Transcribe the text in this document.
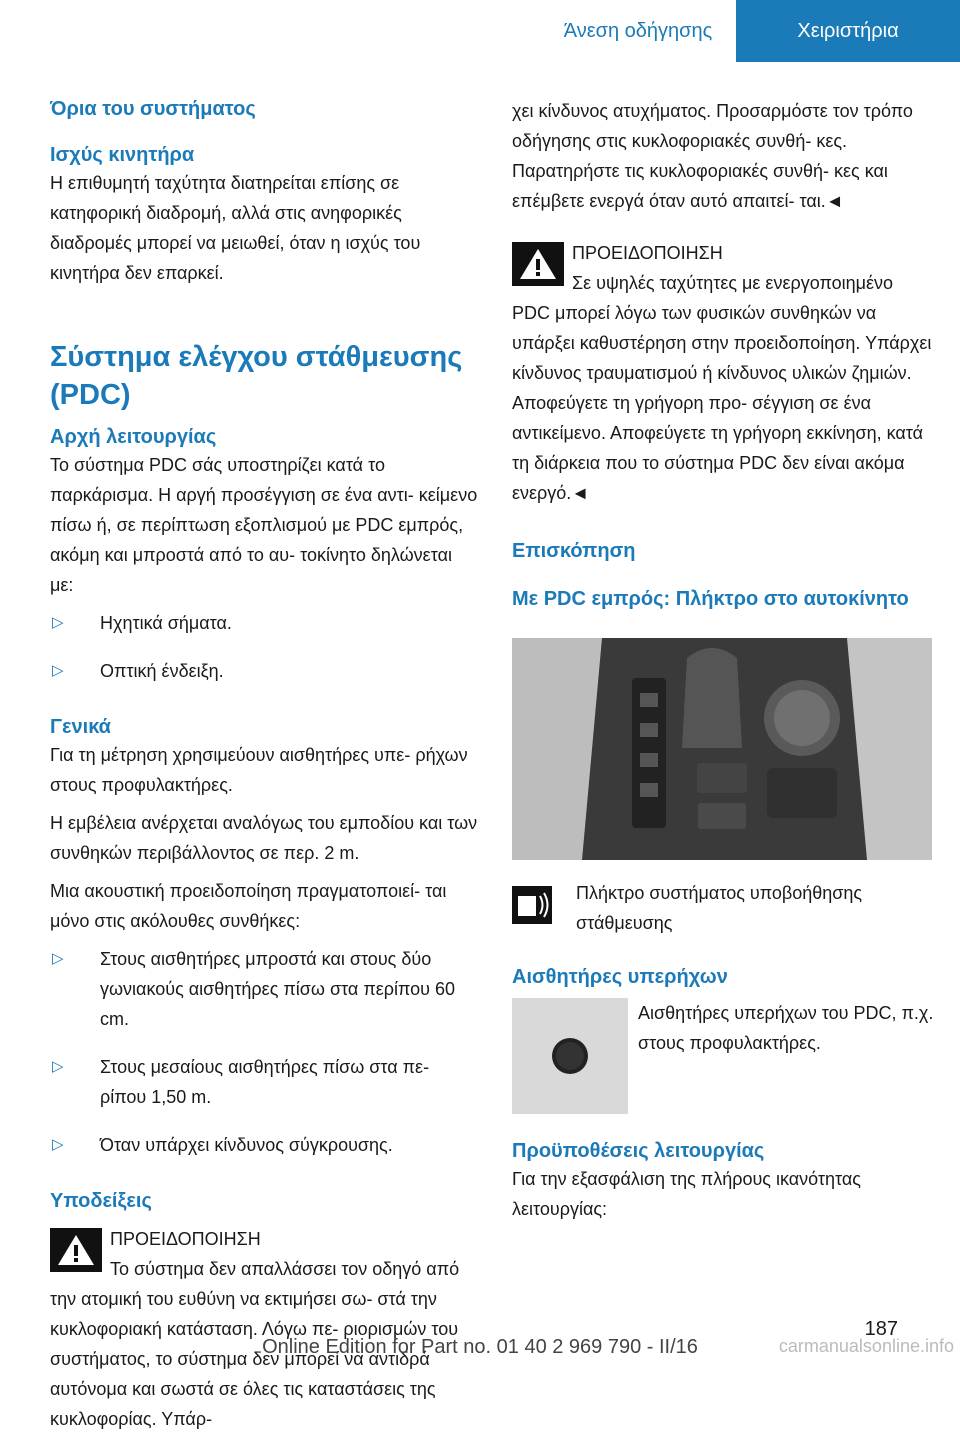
Άνεση οδήγησης	Χειριστήρια
Όρια του συστήματος
Ισχύς κινητήρα

Η επιθυμητή ταχύτητα διατηρείται επίσης σε κατηφορική διαδρομή, αλλά στις ανηφορικές διαδρομές μπορεί να μειωθεί, όταν η ισχύς του κινητήρα δεν επαρκεί.

Σύστημα ελέγχου στάθμευσης (PDC)
Αρχή λειτουργίας

Το σύστημα PDC σάς υποστηρίζει κατά το παρκάρισμα. Η αργή προσέγγιση σε ένα αντι- κείμενο πίσω ή, σε περίπτωση εξοπλισμού με PDC εμπρός, ακόμη και μπροστά από το αυ- τοκίνητο δηλώνεται με:

▷ Ηχητικά σήματα.
▷ Οπτική ένδειξη.
Γενικά

Για τη μέτρηση χρησιμεύουν αισθητήρες υπε- ρήχων στους προφυλακτήρες.

Η εμβέλεια ανέρχεται αναλόγως του εμποδίου και των συνθηκών περιβάλλοντος σε περ. 2 m.

Μια ακουστική προειδοποίηση πραγματοποιεί- ται μόνο στις ακόλουθες συνθήκες:

▷ Στους αισθητήρες μπροστά και στους δύο γωνιακούς αισθητήρες πίσω στα περίπου 60 cm.
▷ Στους μεσαίους αισθητήρες πίσω στα πε- ρίπου 1,50 m.
▷ Όταν υπάρχει κίνδυνος σύγκρουσης.
Υποδείξεις
ΠΡΟΕΙΔΟΠΟΙΗΣΗ
Το σύστημα δεν απαλλάσσει τον οδηγό από την ατομική του ευθύνη να εκτιμήσει σω- στά την κυκλοφοριακή κατάσταση. Λόγω πε- ριορισμών του συστήματος, το σύστημα δεν μπορεί να αντιδρά αυτόνομα και σωστά σε όλες τις καταστάσεις της κυκλοφορίας. Υπάρ-

χει κίνδυνος ατυχήματος. Προσαρμόστε τον τρόπο οδήγησης στις κυκλοφοριακές συνθή- κες. Παρατηρήστε τις κυκλοφοριακές συνθή- κες και επέμβετε ενεργά όταν αυτό απαιτεί- ται.◄

ΠΡΟΕΙΔΟΠΟΙΗΣΗ
Σε υψηλές ταχύτητες με ενεργοποιημένο PDC μπορεί λόγω των φυσικών συνθηκών να υπάρξει καθυστέρηση στην προειδοποίηση. Υπάρχει κίνδυνος τραυματισμού ή κίνδυνος υλικών ζημιών. Αποφεύγετε τη γρήγορη προ- σέγγιση σε ένα αντικείμενο. Αποφεύγετε τη γρήγορη εκκίνηση, κατά τη διάρκεια που το σύστημα PDC δεν είναι ακόμα ενεργό.◄
Επισκόπηση
Με PDC εμπρός: Πλήκτρο στο αυτοκίνητο
Πλήκτρο συστήματος υποβοήθησης στάθμευσης
Αισθητήρες υπερήχων
Αισθητήρες υπερήχων του PDC, π.χ. στους προφυλακτήρες.
Προϋποθέσεις λειτουργίας

Για την εξασφάλιση της πλήρους ικανότητας λειτουργίας:

187
Online Edition for Part no. 01 40 2 969 790 - II/16	carmanualsonline.info
